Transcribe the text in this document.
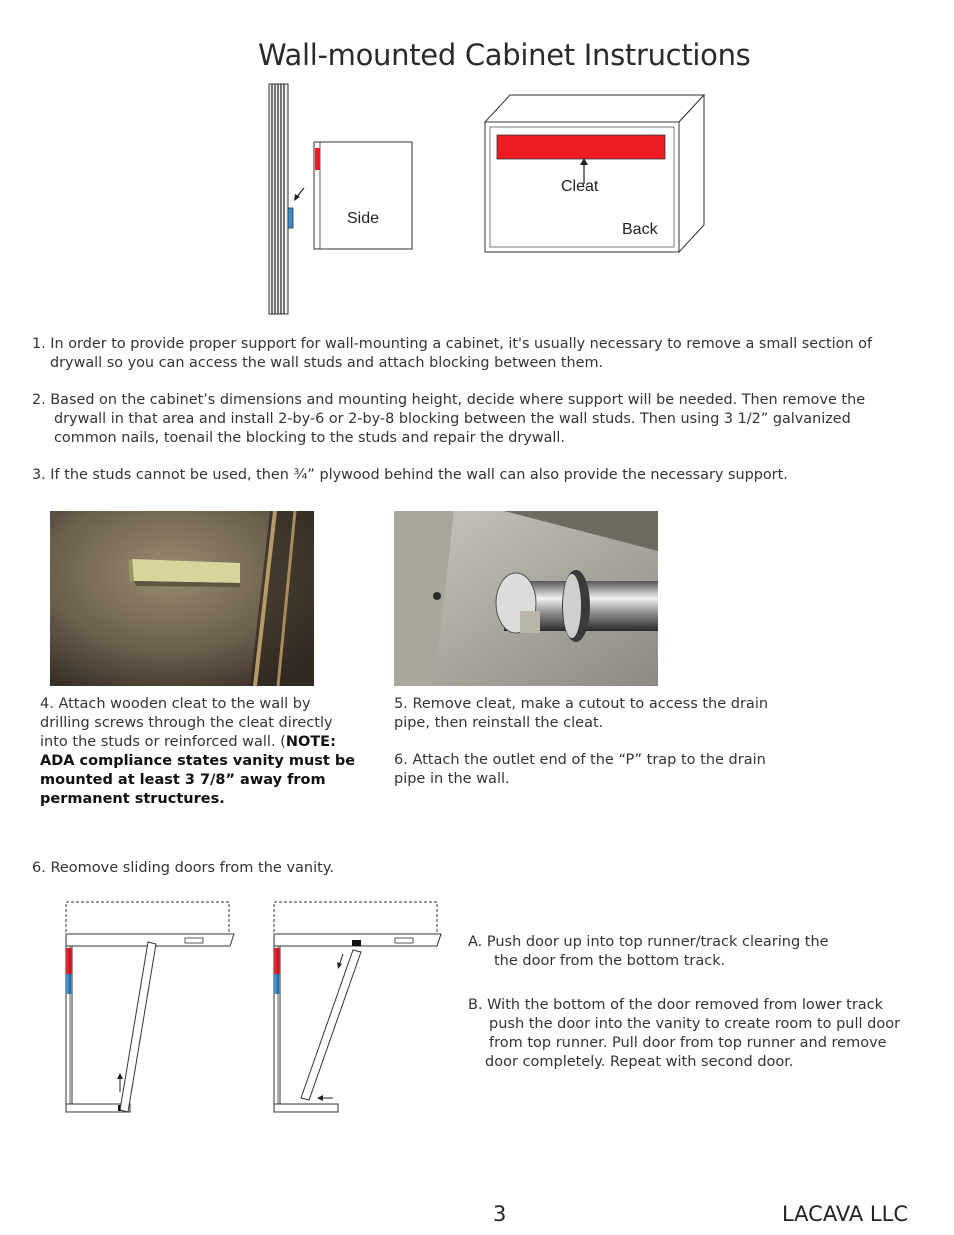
Wall-mounted Cabinet Instructions
Side
Cleat
Back

1. In order to provide proper support for wall-mounting a cabinet, it's usually necessary to remove a small section of
drywall so you can access the wall studs and attach blocking between them.

2. Based on the cabinet’s dimensions and mounting height, decide where support will be needed. Then remove the
drywall in that area and install 2-by-6 or 2-by-8 blocking between the wall studs. Then using 3 1/2” galvanized
common nails, toenail the blocking to the studs and repair the drywall.

3. If the studs cannot be used, then ¾” plywood behind the wall can also provide the necessary support.

4. Attach wooden cleat to the wall by
drilling screws through the cleat directly
into the studs or reinforced wall. (NOTE:
ADA compliance states vanity must be
mounted at least 3 7/8” away from
permanent structures.

5. Remove cleat, make a cutout to access the drain
pipe, then reinstall the cleat.

6. Attach the outlet end of the “P” trap to the drain
pipe in the wall.

6. Reomove sliding doors from the vanity.

A. Push door up into top runner/track clearing the
the door from the bottom track.

B. With the bottom of the door removed from lower track
push the door into the vanity to create room to pull door
from top runner. Pull door from top runner and remove
door completely. Repeat with second door.

3	LACAVA LLC
